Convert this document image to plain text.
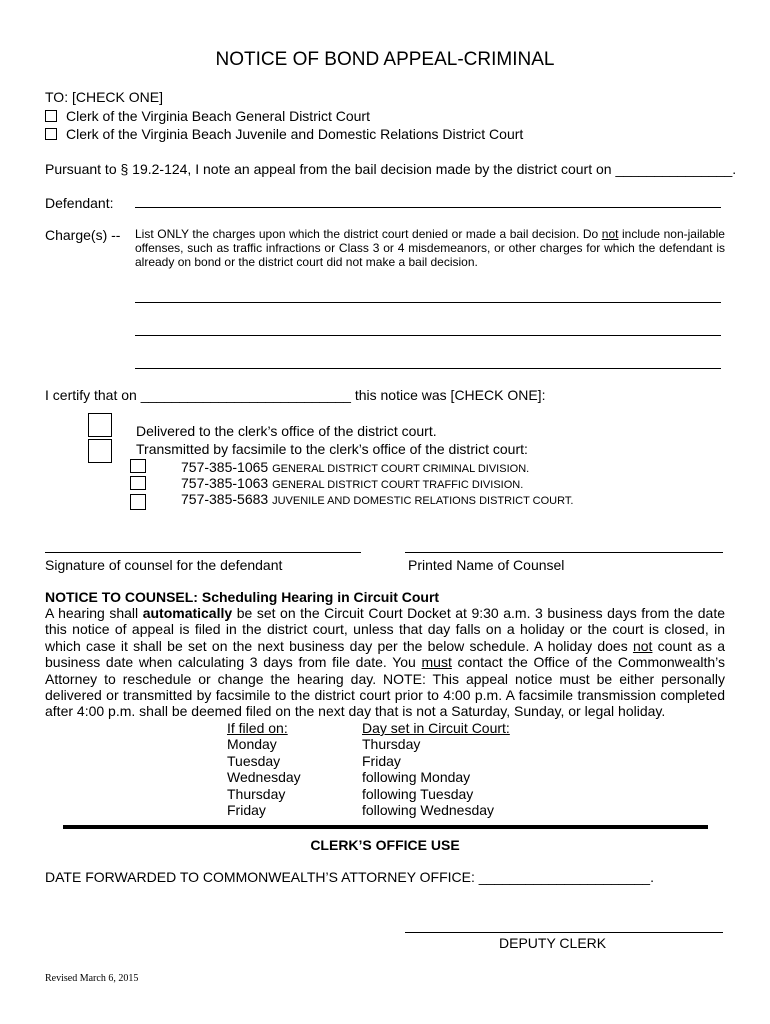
NOTICE OF BOND APPEAL-CRIMINAL
TO: [CHECK ONE]
Clerk of the Virginia Beach General District Court
Clerk of the Virginia Beach Juvenile and Domestic Relations District Court
Pursuant to § 19.2-124, I note an appeal from the bail decision made by the district court on _______________.
Defendant:
Charge(s) -- List ONLY the charges upon which the district court denied or made a bail decision. Do not include non-jailable offenses, such as traffic infractions or Class 3 or 4 misdemeanors, or other charges for which the defendant is already on bond or the district court did not make a bail decision.
I certify that on ___________________________ this notice was [CHECK ONE]:
Delivered to the clerk’s office of the district court.
Transmitted by facsimile to the clerk’s office of the district court:
757-385-1065 GENERAL DISTRICT COURT CRIMINAL DIVISION.
757-385-1063 GENERAL DISTRICT COURT TRAFFIC DIVISION.
757-385-5683 JUVENILE AND DOMESTIC RELATIONS DISTRICT COURT.
Signature of counsel for the defendant	Printed Name of Counsel
NOTICE TO COUNSEL: Scheduling Hearing in Circuit Court
A hearing shall automatically be set on the Circuit Court Docket at 9:30 a.m. 3 business days from the date this notice of appeal is filed in the district court, unless that day falls on a holiday or the court is closed, in which case it shall be set on the next business day per the below schedule. A holiday does not count as a business date when calculating 3 days from file date. You must contact the Office of the Commonwealth’s Attorney to reschedule or change the hearing day. NOTE: This appeal notice must be either personally delivered or transmitted by facsimile to the district court prior to 4:00 p.m. A facsimile transmission completed after 4:00 p.m. shall be deemed filed on the next day that is not a Saturday, Sunday, or legal holiday.
If filed on:	Day set in Circuit Court:
Monday	Thursday
Tuesday	Friday
Wednesday	following Monday
Thursday	following Tuesday
Friday	following Wednesday
CLERK’S OFFICE USE
DATE FORWARDED TO COMMONWEALTH’S ATTORNEY OFFICE: ______________________.
DEPUTY CLERK
Revised March 6, 2015
